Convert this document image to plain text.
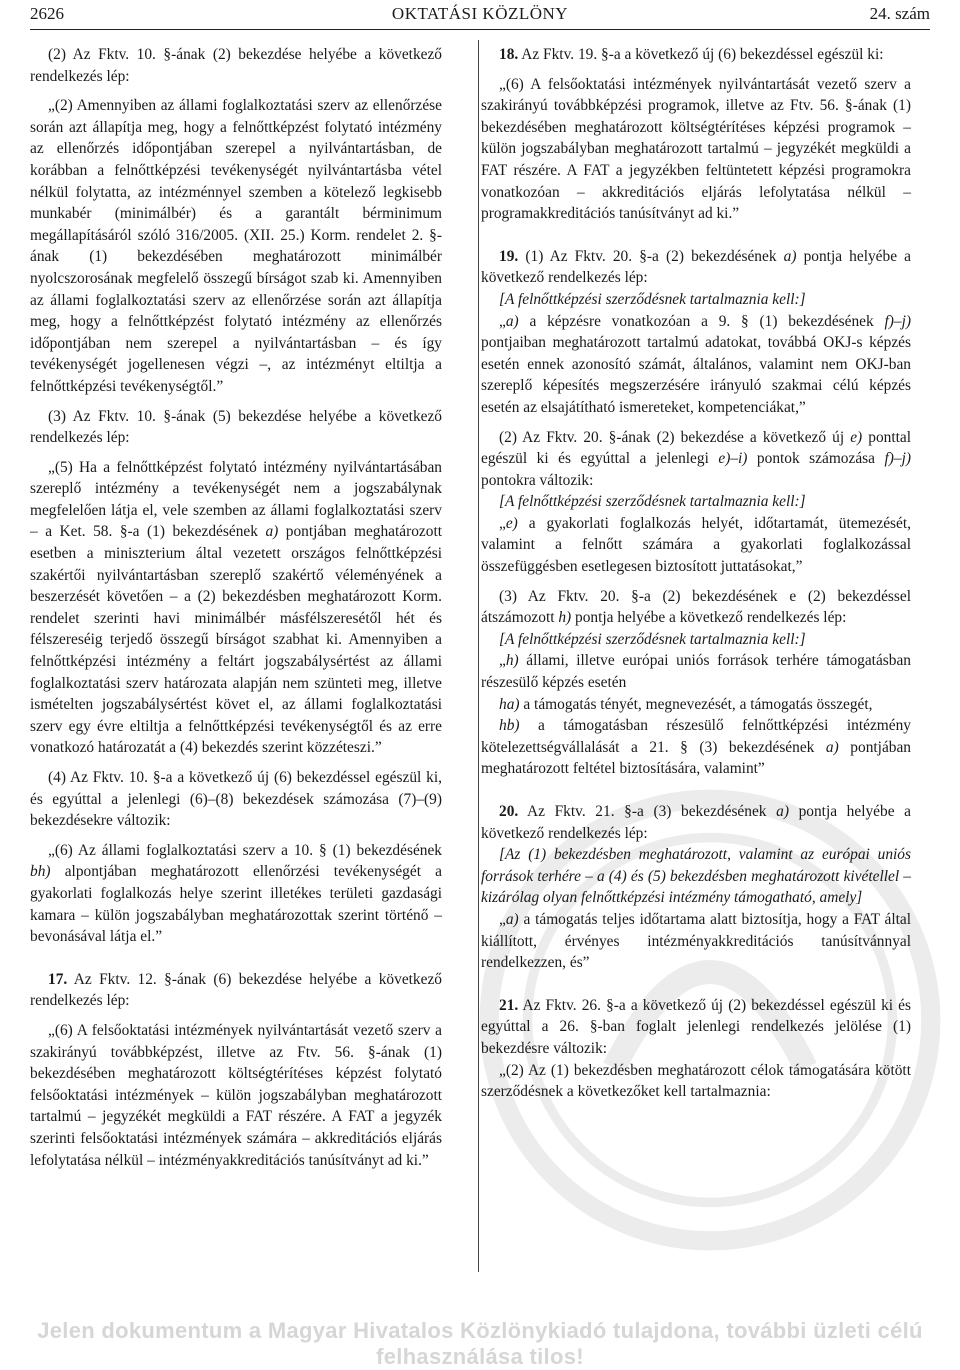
2626	OKTATÁSI KÖZLÖNY	24. szám

(2) Az Fktv. 10. §-ának (2) bekezdése helyébe a következő rendelkezés lép:

„(2) Amennyiben az állami foglalkoztatási szerv az ellenőrzése során azt állapítja meg, hogy a felnőttképzést folytató intézmény az ellenőrzés időpontjában szerepel a nyilvántartásban, de korábban a felnőttképzési tevékenységét nyilvántartásba vétel nélkül folytatta, az intézménnyel szemben a kötelező legkisebb munkabér (minimálbér) és a garantált bérminimum megállapításáról szóló 316/2005. (XII. 25.) Korm. rendelet 2. §-ának (1) bekezdésében meghatározott minimálbér nyolcszorosának megfelelő összegű bírságot szab ki. Amennyiben az állami foglalkoztatási szerv az ellenőrzése során azt állapítja meg, hogy a felnőttképzést folytató intézmény az ellenőrzés időpontjában nem szerepel a nyilvántartásban – és így tevékenységét jogellenesen végzi –, az intézményt eltiltja a felnőttképzési tevékenységtől.”

(3) Az Fktv. 10. §-ának (5) bekezdése helyébe a következő rendelkezés lép:

„(5) Ha a felnőttképzést folytató intézmény nyilvántartásában szereplő intézmény a tevékenységét nem a jogszabálynak megfelelően látja el, vele szemben az állami foglalkoztatási szerv – a Ket. 58. §-a (1) bekezdésének a) pontjában meghatározott esetben a miniszterium által vezetett országos felnőttképzési szakértői nyilvántartásban szereplő szakértő véleményének a beszerzését követően – a (2) bekezdésben meghatározott Korm. rendelet szerinti havi minimálbér másfélszeresétől hét és félszereséig terjedő összegű bírságot szabhat ki. Amennyiben a felnőttképzési intézmény a feltárt jogszabálysértést az állami foglalkoztatási szerv határozata alapján nem szünteti meg, illetve ismételten jogszabálysértést követ el, az állami foglalkoztatási szerv egy évre eltiltja a felnőttképzési tevékenységtől és az erre vonatkozó határozatát a (4) bekezdés szerint közzéteszi.”

(4) Az Fktv. 10. §-a a következő új (6) bekezdéssel egészül ki, és egyúttal a jelenlegi (6)–(8) bekezdések számozása (7)–(9) bekezdésekre változik:

„(6) Az állami foglalkoztatási szerv a 10. § (1) bekezdésének bh) alpontjában meghatározott ellenőrzési tevékenységét a gyakorlati foglalkozás helye szerint illetékes területi gazdasági kamara – külön jogszabályban meghatározottak szerint történő – bevonásával látja el.”

17. Az Fktv. 12. §-ának (6) bekezdése helyébe a következő rendelkezés lép:

„(6) A felsőoktatási intézmények nyilvántartását vezető szerv a szakirányú továbbképzést, illetve az Ftv. 56. §-ának (1) bekezdésében meghatározott költségtérítéses képzést folytató felsőoktatási intézmények – külön jogszabályban meghatározott tartalmú – jegyzékét megküldi a FAT részére. A FAT a jegyzék szerinti felsőoktatási intézmények számára – akkreditációs eljárás lefolytatása nélkül – intézményakkreditációs tanúsítványt ad ki.”

18. Az Fktv. 19. §-a a következő új (6) bekezdéssel egészül ki:

„(6) A felsőoktatási intézmények nyilvántartását vezető szerv a szakirányú továbbképzési programok, illetve az Ftv. 56. §-ának (1) bekezdésében meghatározott költségtérítéses képzési programok – külön jogszabályban meghatározott tartalmú – jegyzékét megküldi a FAT részére. A FAT a jegyzékben feltüntetett képzési programokra vonatkozóan – akkreditációs eljárás lefolytatása nélkül – programakkreditációs tanúsítványt ad ki.”

19. (1) Az Fktv. 20. §-a (2) bekezdésének a) pontja helyébe a következő rendelkezés lép:

[A felnőttképzési szerződésnek tartalmaznia kell:]

„a) a képzésre vonatkozóan a 9. § (1) bekezdésének f)–j) pontjaiban meghatározott tartalmú adatokat, továbbá OKJ-s képzés esetén ennek azonosító számát, általános, valamint nem OKJ-ban szereplő képesítés megszerzésére irányuló szakmai célú képzés esetén az elsajátítható ismereteket, kompetenciákat,”

(2) Az Fktv. 20. §-ának (2) bekezdése a következő új e) ponttal egészül ki és egyúttal a jelenlegi e)–i) pontok számozása f)–j) pontokra változik:

[A felnőttképzési szerződésnek tartalmaznia kell:]

„e) a gyakorlati foglalkozás helyét, időtartamát, ütemezését, valamint a felnőtt számára a gyakorlati foglalkozással összefüggésben esetlegesen biztosított juttatásokat,”

(3) Az Fktv. 20. §-a (2) bekezdésének e (2) bekezdéssel átszámozott h) pontja helyébe a következő rendelkezés lép:

[A felnőttképzési szerződésnek tartalmaznia kell:]

„h) állami, illetve európai uniós források terhére támogatásban részesülő képzés esetén

ha) a támogatás tényét, megnevezését, a támogatás összegét,

hb) a támogatásban részesülő felnőttképzési intézmény kötelezettségvállalását a 21. § (3) bekezdésének a) pontjában meghatározott feltétel biztosítására, valamint”

20. Az Fktv. 21. §-a (3) bekezdésének a) pontja helyébe a következő rendelkezés lép:

[Az (1) bekezdésben meghatározott, valamint az európai uniós források terhére – a (4) és (5) bekezdésben meghatározott kivétellel – kizárólag olyan felnőttképzési intézmény támogatható, amely]

„a) a támogatás teljes időtartama alatt biztosítja, hogy a FAT által kiállított, érvényes intézményakkreditációs tanúsítvánnyal rendelkezzen, és”

21. Az Fktv. 26. §-a a következő új (2) bekezdéssel egészül ki és egyúttal a 26. §-ban foglalt jelenlegi rendelkezés jelölése (1) bekezdésre változik:

„(2) Az (1) bekezdésben meghatározott célok támogatására kötött szerződésnek a következőket kell tartalmaznia:

Jelen dokumentum a Magyar Hivatalos Közlönykiadó tulajdona, további üzleti célú felhasználása tilos!
